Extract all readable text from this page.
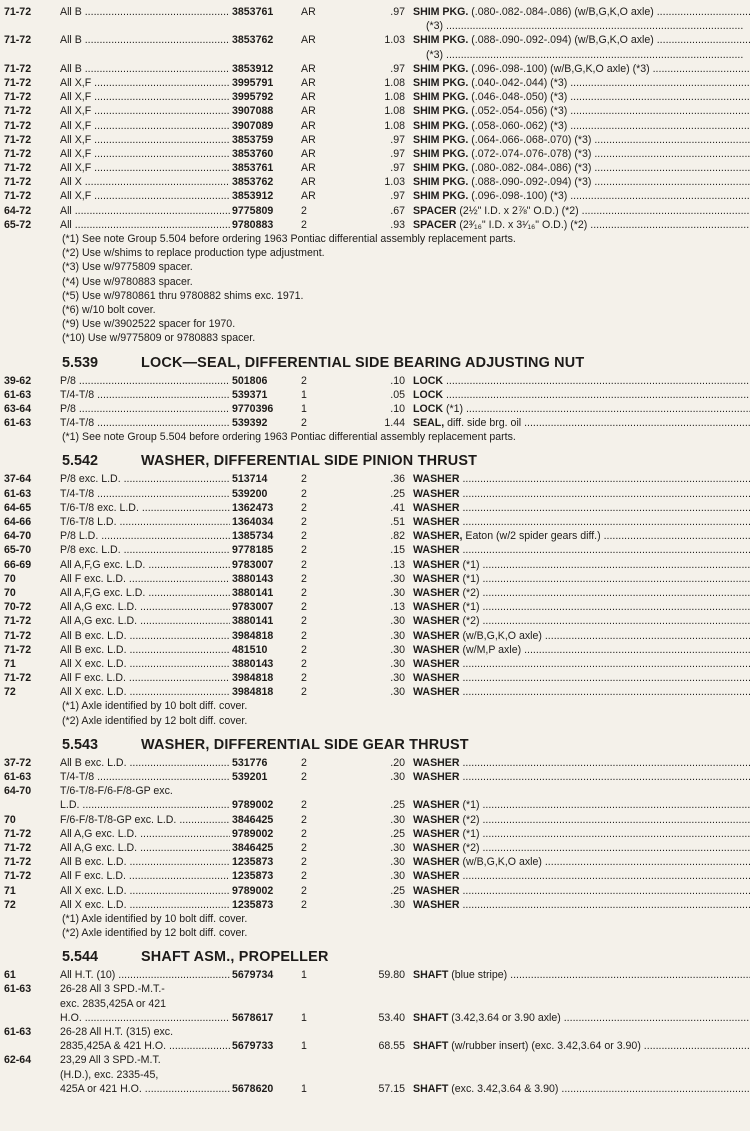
71-72	All B .....	3853761	AR	.97 SHIM PKG. (.080-.082-.084-.086) (w/B,G,K,O axle) .....
(*3) .....
71-72	All B .....	3853762	AR	1.03 SHIM PKG. (.088-.090-.092-.094) (w/B,G,K,O axle) .....
(*3) .....
71-72	All B .....	3853912	AR	.97 SHIM PKG. (.096-.098-.100) (w/B,G,K,O axle) (*3) .....
71-72	All X,F .....	3995791	AR	1.08 SHIM PKG. (.040-.042-.044) (*3) .....
71-72	All X,F .....	3995792	AR	1.08 SHIM PKG. (.046-.048-.050) (*3) .....
71-72	All X,F .....	3907088	AR	1.08 SHIM PKG. (.052-.054-.056) (*3) .....
71-72	All X,F .....	3907089	AR	1.08 SHIM PKG. (.058-.060-.062) (*3) .....
71-72	All X,F .....	3853759	AR	.97 SHIM PKG. (.064-.066-.068-.070) (*3) .....
71-72	All X,F .....	3853760	AR	.97 SHIM PKG. (.072-.074-.076-.078) (*3) .....
71-72	All X,F .....	3853761	AR	.97 SHIM PKG. (.080-.082-.084-.086) (*3) .....
71-72	All X .....	3853762	AR	1.03 SHIM PKG. (.088-.090-.092-.094) (*3) .....
71-72	All X,F .....	3853912	AR	.97 SHIM PKG. (.096-.098-.100) (*3) .....
64-72	All .....	9775809	2	.67 SPACER (2½" I.D. x 2⅞" O.D.) (*2) .....
65-72	All .....	9780883	2	.93 SPACER (2³⁄₁₆" I.D. x 3¹⁄₁₆" O.D.) (*2) .....
(*1) See note Group 5.504 before ordering 1963 Pontiac differential assembly replacement parts.
(*2) Use w/shims to replace production type adjustment.
(*3) Use w/9775809 spacer.
(*4) Use w/9780883 spacer.
(*5) Use w/9780861 thru 9780882 shims exc. 1971.
(*6) w/10 bolt cover.
(*9) Use w/3902522 spacer for 1970.
(*10) Use w/9775809 or 9780883 spacer.
5.539	LOCK—SEAL, DIFFERENTIAL SIDE BEARING ADJUSTING NUT
39-62	P/8 .....	501806	2	.10 LOCK .....
61-63	T/4-T/8 .....	539371	1	.05 LOCK .....
63-64	P/8 .....	9770396	1	.10 LOCK (*1) .....
61-63	T/4-T/8 .....	539392	2	1.44 SEAL, diff. side brg. oil .....
(*1) See note Group 5.504 before ordering 1963 Pontiac differential assembly replacement parts.
5.542	WASHER, DIFFERENTIAL SIDE PINION THRUST
37-64	P/8 exc. L.D. .....	513714	2	.36 WASHER .....
61-63	T/4-T/8 .....	539200	2	.25 WASHER .....
64-65	T/6-T/8 exc. L.D. .....	1362473	2	.41 WASHER .....
64-66	T/6-T/8 L.D. .....	1364034	2	.51 WASHER .....
64-70	P/8 L.D. .....	1385734	2	.82 WASHER, Eaton (w/2 spider gears diff.) .....
65-70	P/8 exc. L.D. .....	9778185	2	.15 WASHER .....
66-69	All A,F,G exc. L.D. .....	9783007	2	.13 WASHER (*1) .....
70	All F exc. L.D. .....	3880143	2	.30 WASHER (*1) .....
70	All A,F,G exc. L.D. .....	3880141	2	.30 WASHER (*2) .....
70-72	All A,G exc. L.D. .....	9783007	2	.13 WASHER (*1) .....
71-72	All A,G exc. L.D. .....	3880141	2	.30 WASHER (*2) .....
71-72	All B exc. L.D. .....	3984818	2	.30 WASHER (w/B,G,K,O axle) .....
71-72	All B exc. L.D. .....	481510	2	.30 WASHER (w/M,P axle) .....
71	All X exc. L.D. .....	3880143	2	.30 WASHER .....
71-72	All F exc. L.D. .....	3984818	2	.30 WASHER .....
72	All X exc. L.D. .....	3984818	2	.30 WASHER .....
(*1) Axle identified by 10 bolt diff. cover.
(*2) Axle identified by 12 bolt diff. cover.
5.543	WASHER, DIFFERENTIAL SIDE GEAR THRUST
37-72	All B exc. L.D. .....	531776	2	.20 WASHER .....
61-63	T/4-T/8 .....	539201	2	.30 WASHER .....
64-70	T/6-T/8-F/6-F/8-GP exc.
L.D. .....	9789002	2	.25 WASHER (*1) .....
70	F/6-F/8-T/8-GP exc. L.D. .....	3846425	2	.30 WASHER (*2) .....
71-72	All A,G exc. L.D. .....	9789002	2	.25 WASHER (*1) .....
71-72	All A,G exc. L.D. .....	3846425	2	.30 WASHER (*2) .....
71-72	All B exc. L.D. .....	1235873	2	.30 WASHER (w/B,G,K,O axle) .....
71-72	All F exc. L.D. .....	1235873	2	.30 WASHER .....
71	All X exc. L.D. .....	9789002	2	.25 WASHER .....
72	All X exc. L.D. .....	1235873	2	.30 WASHER .....
(*1) Axle identified by 10 bolt diff. cover.
(*2) Axle identified by 12 bolt diff. cover.
5.544	SHAFT ASM., PROPELLER
61	All H.T. (10) .....	5679734	1	59.80 SHAFT (blue stripe) .....
61-63	26-28 All 3 SPD.-M.T.-
exc. 2835,425A or 421
H.O. .....	5678617	1	53.40 SHAFT (3.42,3.64 or 3.90 axle) .....
61-63	26-28 All H.T. (315) exc.
2835,425A & 421 H.O. .....	5679733	1	68.55 SHAFT (w/rubber insert) (exc. 3.42,3.64 or 3.90) .....
62-64	23,29 All 3 SPD.-M.T.
(H.D.), exc. 2335-45,
425A or 421 H.O. .....	5678620	1	57.15 SHAFT (exc. 3.42,3.64 & 3.90) .....
